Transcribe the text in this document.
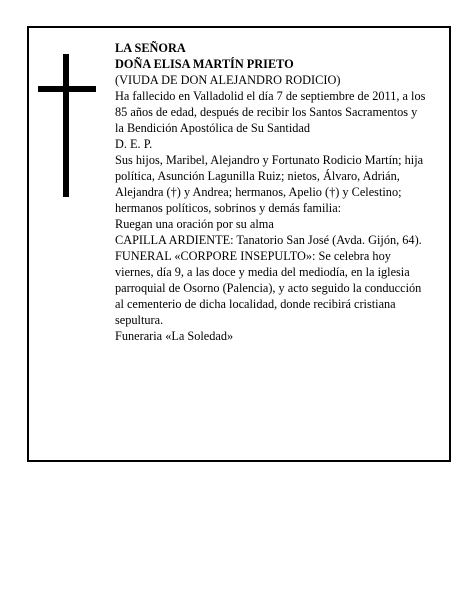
LA SEÑORA

DOÑA ELISA MARTÍN PRIETO

(VIUDA DE DON ALEJANDRO RODICIO)

Ha fallecido en Valladolid el día 7 de septiembre de 2011, a los 85 años de edad, después de recibir los Santos Sacramentos y la Bendición Apostólica de Su Santidad

D. E. P.

Sus hijos, Maribel, Alejandro y Fortunato Rodicio Martín; hija política, Asunción Lagunilla Ruiz; nietos, Álvaro, Adrián, Alejandra (†) y Andrea; hermanos, Apelio (†) y Celestino; hermanos políticos, sobrinos y demás familia:

Ruegan una oración por su alma

CAPILLA ARDIENTE: Tanatorio San José (Avda. Gijón, 64).

FUNERAL «CORPORE INSEPULTO»: Se celebra hoy viernes, día 9, a las doce y media del mediodía, en la iglesia parroquial de Osorno (Palencia), y acto seguido la conducción al cementerio de dicha localidad, donde recibirá cristiana sepultura.

Funeraria «La Soledad»
